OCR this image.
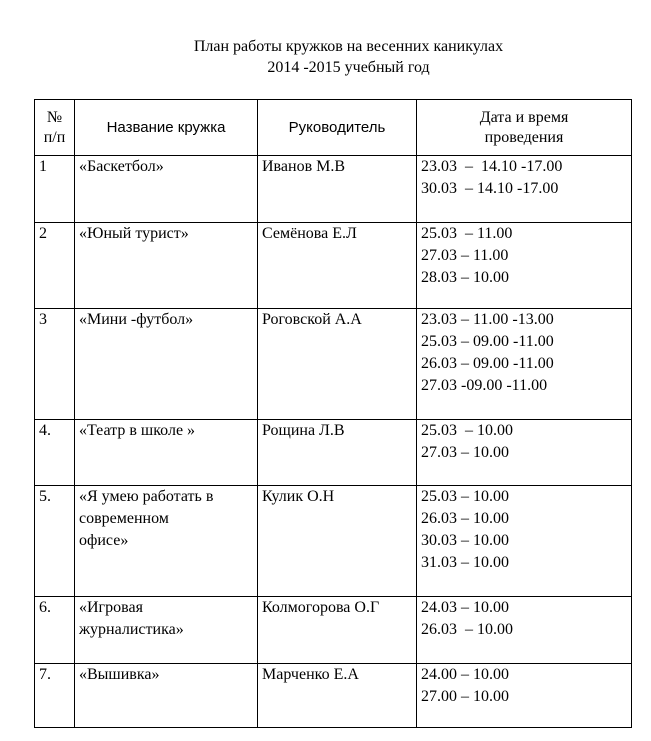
План работы кружков на весенних каникулах
2014 -2015 учебный год
№
п/п	Название кружка	Руководитель	Дата и время
проведения

1	«Баскетбол»	Иванов М.В	23.03  –  14.10 -17.00
30.03  – 14.10 -17.00

2	«Юный турист»	Семёнова Е.Л	25.03  – 11.00
27.03 – 11.00
28.03 – 10.00

3	«Мини -футбол»	Роговской А.А	23.03 – 11.00 -13.00
25.03 – 09.00 -11.00
26.03 – 09.00 -11.00
27.03 -09.00 -11.00

4.	«Театр в школе »	Рощина Л.В	25.03  – 10.00
27.03 – 10.00

5.	«Я умею работать в
современном
офисе»	Кулик О.Н	25.03 – 10.00
26.03 – 10.00
30.03 – 10.00
31.03 – 10.00

6.	«Игровая
журналистика»	Колмогорова О.Г	24.03 – 10.00
26.03  – 10.00

7.	«Вышивка»	Марченко Е.А	24.00 – 10.00
27.00 – 10.00
